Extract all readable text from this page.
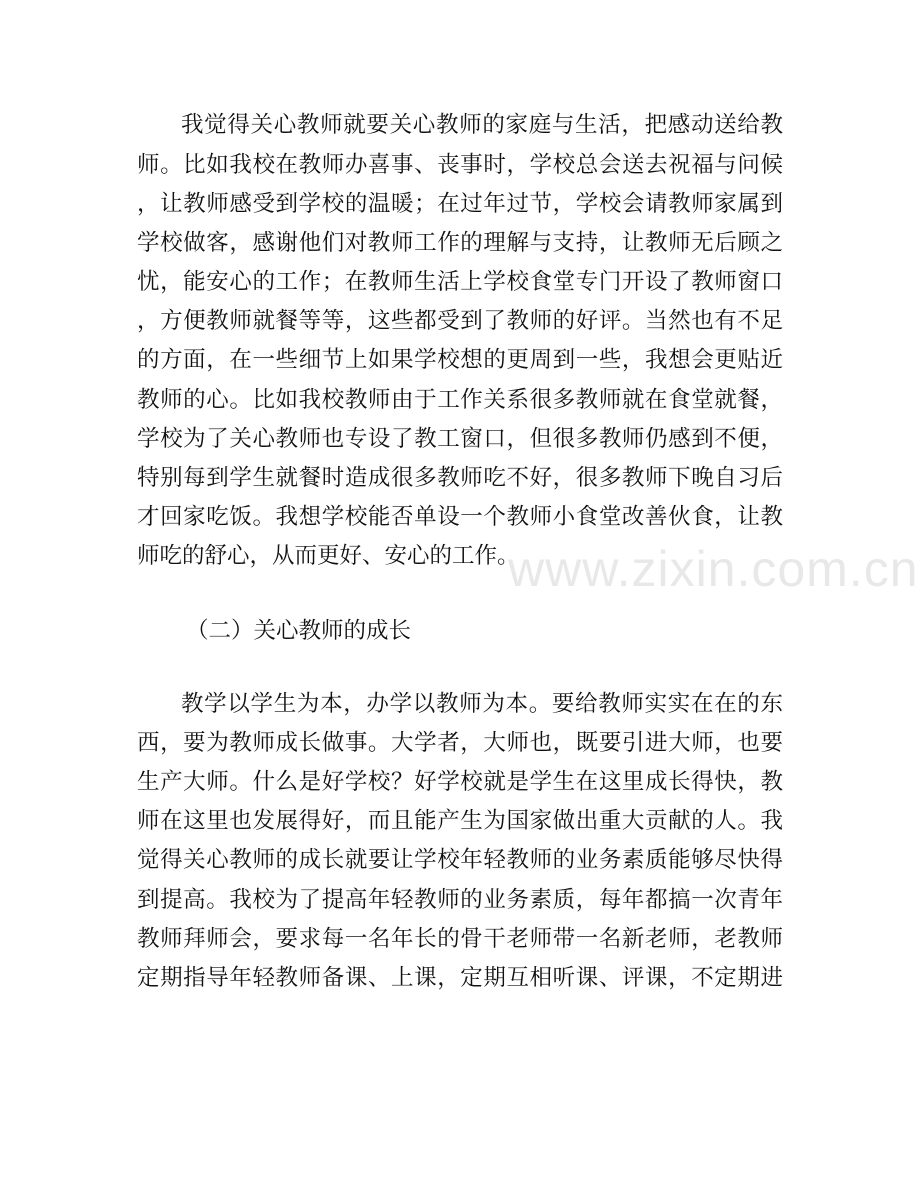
www.zixin.com.cn
我觉得关心教师就要关心教师的家庭与生活，把感动送给教
师。比如我校在教师办喜事、丧事时，学校总会送去祝福与问候
，让教师感受到学校的温暖；在过年过节，学校会请教师家属到
学校做客，感谢他们对教师工作的理解与支持，让教师无后顾之
忧，能安心的工作；在教师生活上学校食堂专门开设了教师窗口
，方便教师就餐等等，这些都受到了教师的好评。当然也有不足
的方面，在一些细节上如果学校想的更周到一些，我想会更贴近
教师的心。比如我校教师由于工作关系很多教师就在食堂就餐，
学校为了关心教师也专设了教工窗口，但很多教师仍感到不便，
特别每到学生就餐时造成很多教师吃不好，很多教师下晚自习后
才回家吃饭。我想学校能否单设一个教师小食堂改善伙食，让教
师吃的舒心，从而更好、安心的工作。
（二）关心教师的成长
教学以学生为本，办学以教师为本。要给教师实实在在的东
西，要为教师成长做事。大学者，大师也，既要引进大师，也要
生产大师。什么是好学校？好学校就是学生在这里成长得快，教
师在这里也发展得好，而且能产生为国家做出重大贡献的人。我
觉得关心教师的成长就要让学校年轻教师的业务素质能够尽快得
到提高。我校为了提高年轻教师的业务素质，每年都搞一次青年
教师拜师会，要求每一名年长的骨干老师带一名新老师，老教师
定期指导年轻教师备课、上课，定期互相听课、评课，不定期进
